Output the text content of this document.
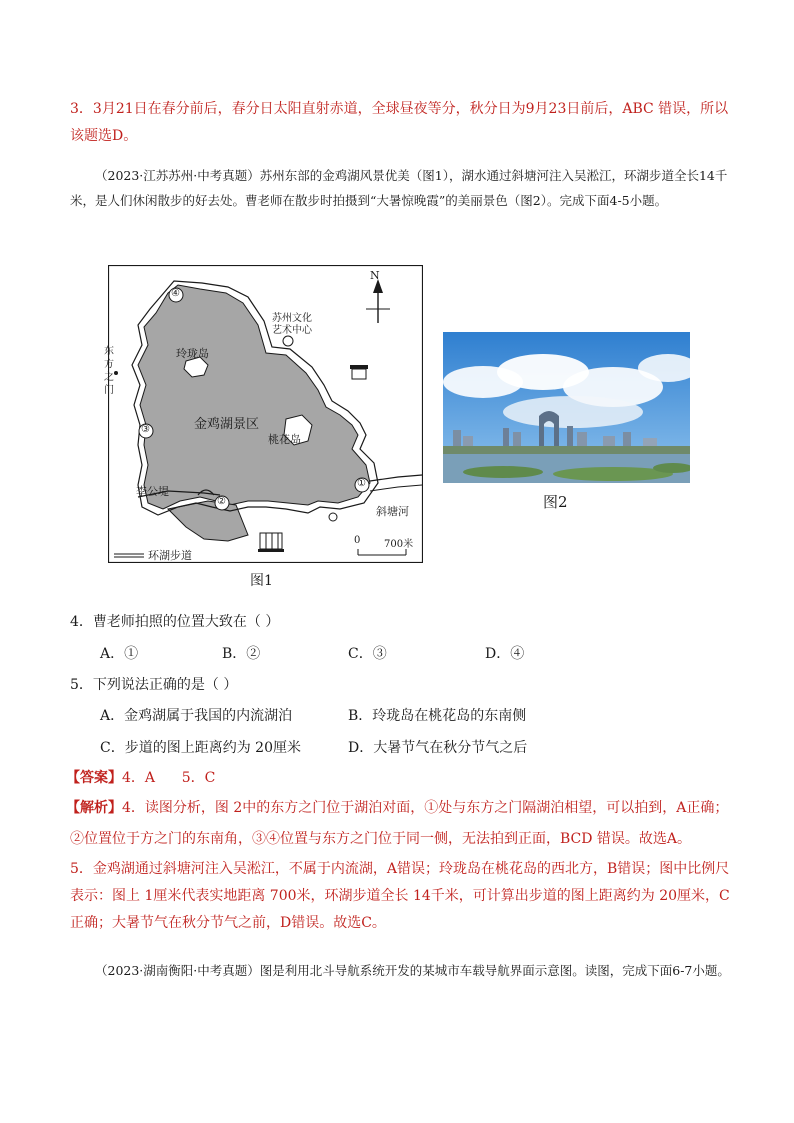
3．3月21日在春分前后，春分日太阳直射赤道，全球昼夜等分，秋分日为9月23日前后，ABC 错误，所以该题选D。

（2023·江苏苏州·中考真题）苏州东部的金鸡湖风景优美（图1），湖水通过斜塘河注入吴淞江，环湖步道全长14千米，是人们休闲散步的好去处。曹老师在散步时拍摄到“大暑惊晚霞”的美丽景色（图2）。完成下面4-5小题。

N
苏州文化
艺术中心
东
方
之
门
玲珑岛
金鸡湖景区
桃花岛
李公堤
斜塘河
0 700米
环湖步道
①
②
③
④
图1
图2
4．曹老师拍照的位置大致在（ ）
A．①	B．②	C．③	D．④
5．下列说法正确的是（ ）
A．金鸡湖属于我国的内流湖泊	B．玲珑岛在桃花岛的东南侧
C．步道的图上距离约为 20厘米	D．大暑节气在秋分节气之后
【答案】4．A      5．C
【解析】4．读图分析，图 2中的东方之门位于湖泊对面，①处与东方之门隔湖泊相望，可以拍到，A正确；
②位置位于方之门的东南角，③④位置与东方之门位于同一侧，无法拍到正面，BCD 错误。故选A。

5．金鸡湖通过斜塘河注入吴淞江，不属于内流湖，A错误；玲珑岛在桃花岛的西北方，B错误；图中比例尺表示：图上 1厘米代表实地距离 700米，环湖步道全长 14千米，可计算出步道的图上距离约为 20厘米，C正确；大暑节气在秋分节气之前，D错误。故选C。

（2023·湖南衡阳·中考真题）图是利用北斗导航系统开发的某城市车载导航界面示意图。读图，完成下面6-7小题。
